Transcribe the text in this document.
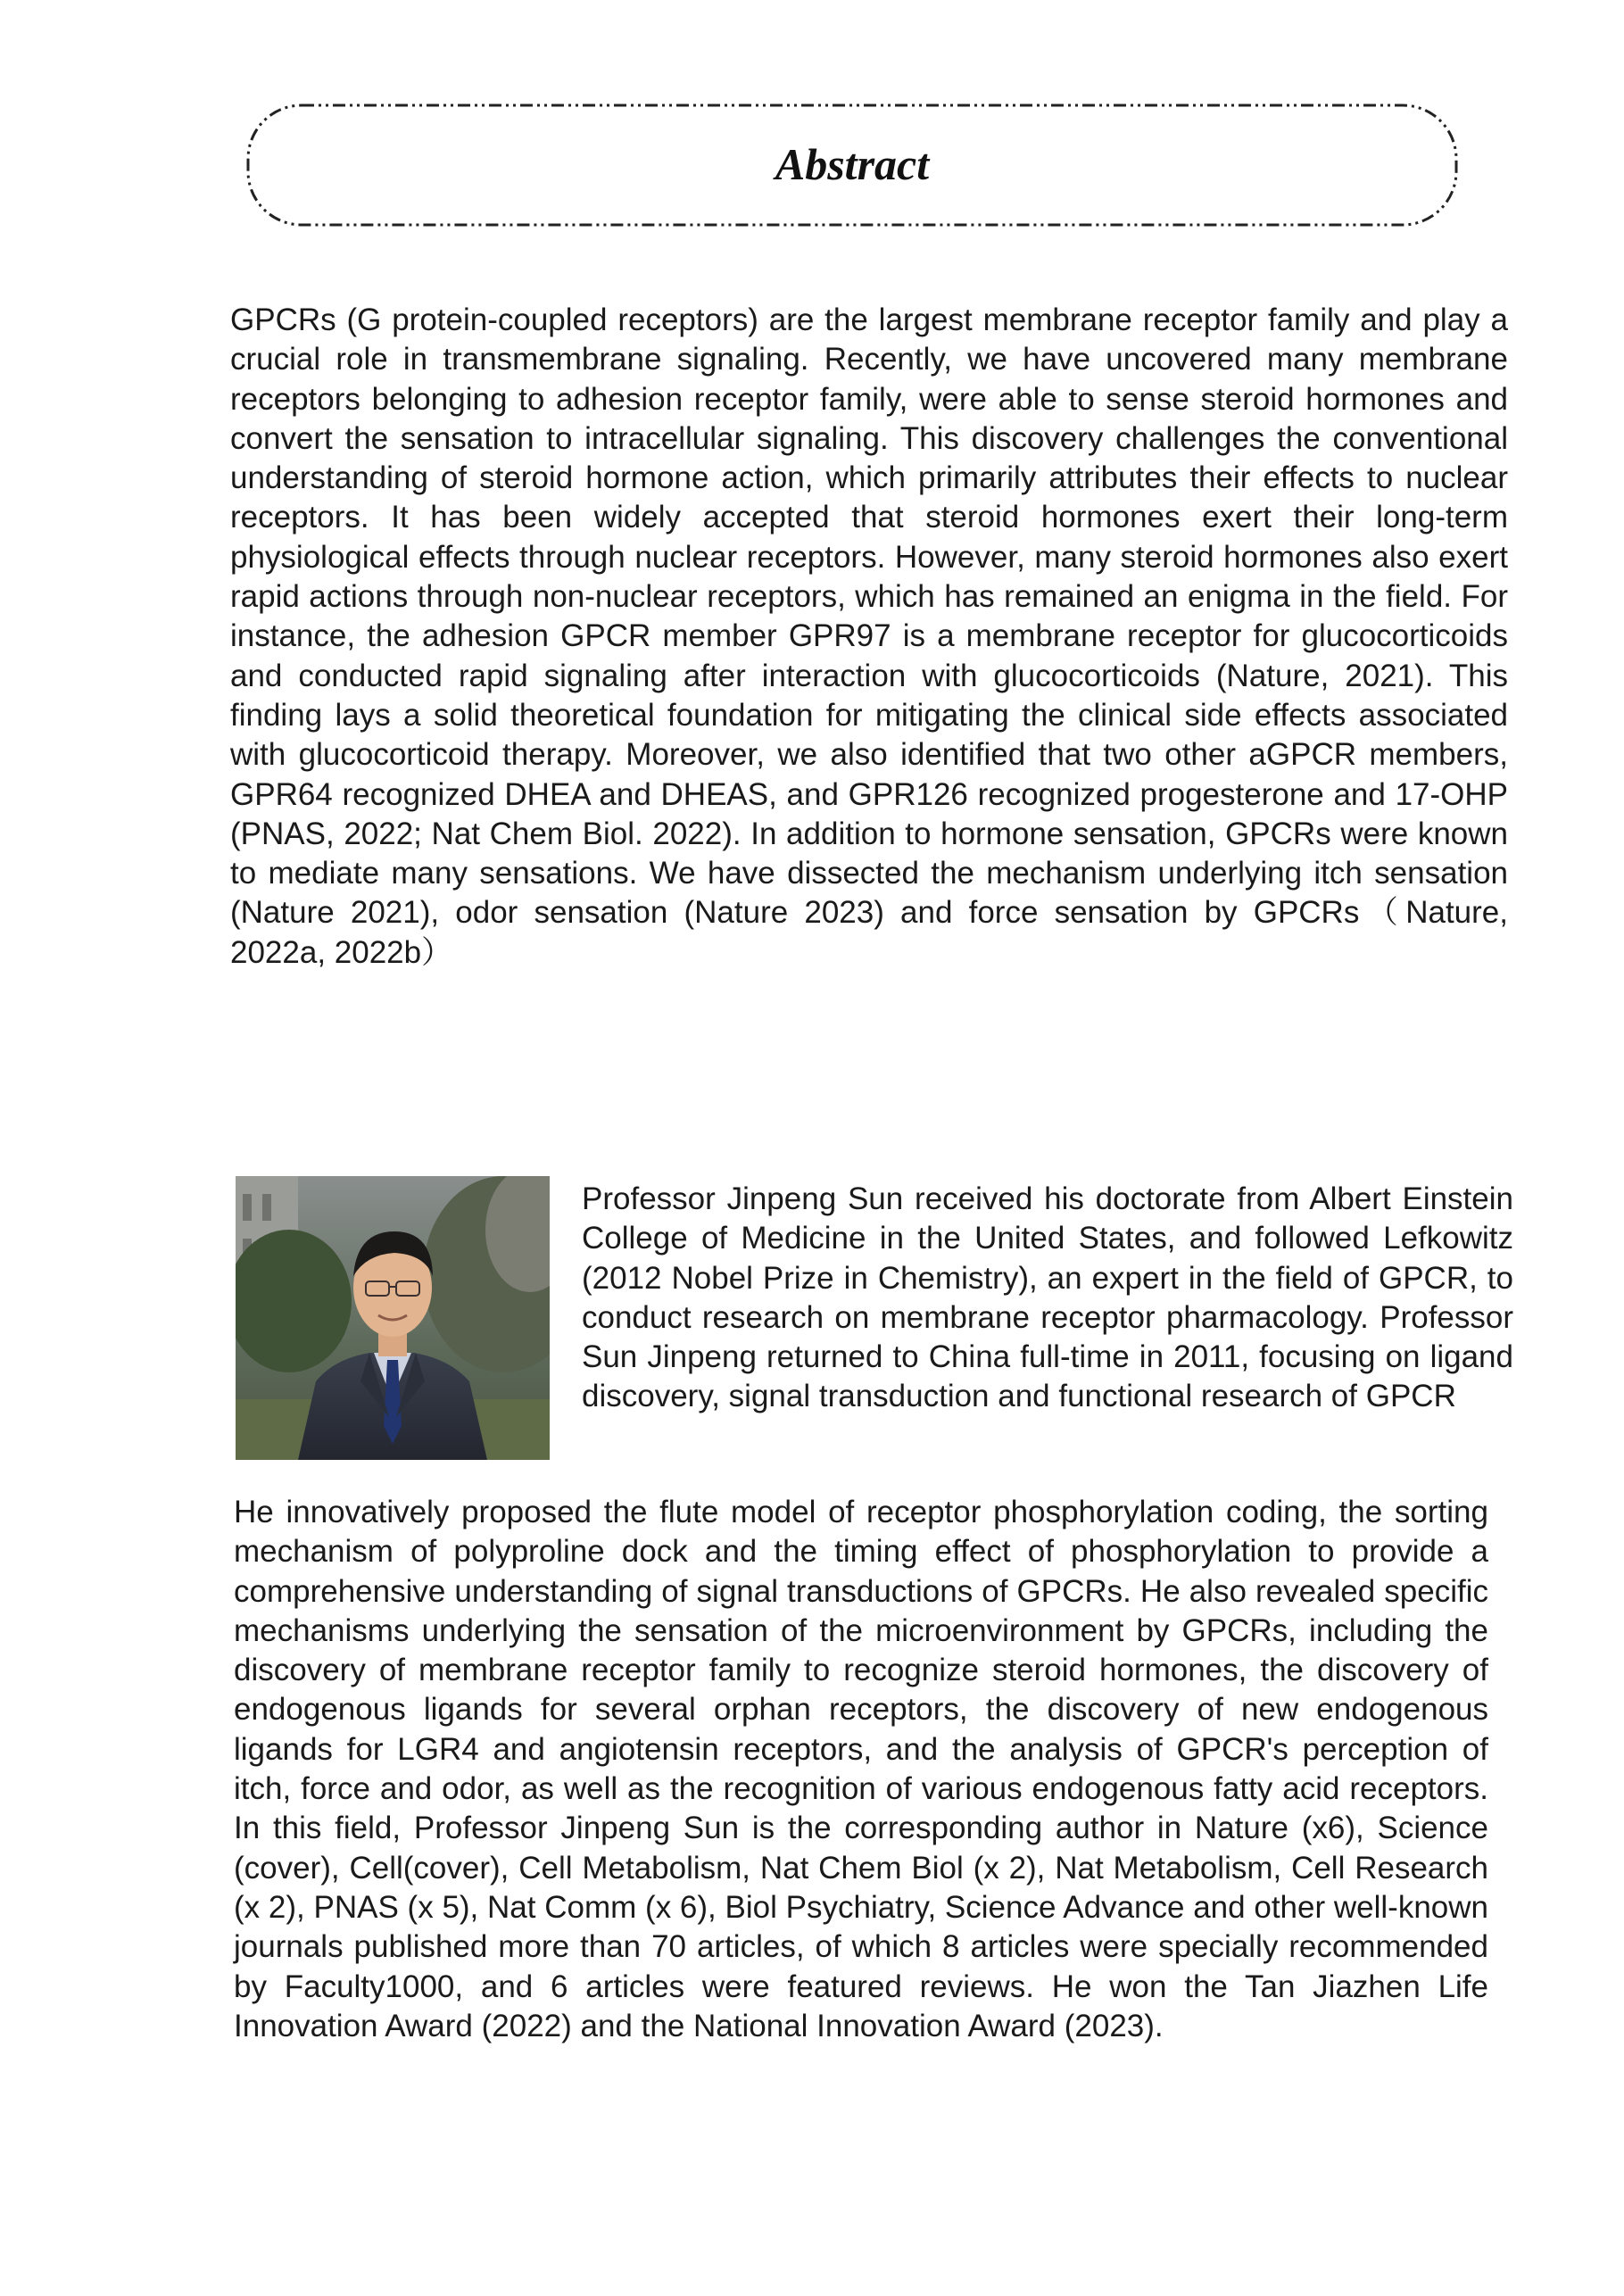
Abstract

GPCRs (G protein-coupled receptors) are the largest membrane receptor family and play a crucial role in transmembrane signaling. Recently, we have uncovered many membrane receptors belonging to adhesion receptor family, were able to sense steroid hormones and convert the sensation to intracellular signaling. This discovery challenges the conventional understanding of steroid hormone action, which primarily attributes their effects to nuclear receptors. It has been widely accepted that steroid hormones exert their long-term physiological effects through nuclear receptors. However, many steroid hormones also exert rapid actions through non-nuclear receptors, which has remained an enigma in the field. For instance, the adhesion GPCR member GPR97 is a membrane receptor for glucocorticoids and conducted rapid signaling after interaction with glucocorticoids (Nature, 2021). This finding lays a solid theoretical foundation for mitigating the clinical side effects associated with glucocorticoid therapy. Moreover, we also identified that two other aGPCR members, GPR64 recognized DHEA and DHEAS, and GPR126 recognized progesterone and 17-OHP (PNAS, 2022; Nat Chem Biol. 2022). In addition to hormone sensation, GPCRs were known to mediate many sensations. We have dissected the mechanism underlying itch sensation (Nature 2021), odor sensation (Nature 2023) and force sensation by GPCRs（Nature, 2022a, 2022b）

Professor Jinpeng Sun received his doctorate from Albert Einstein College of Medicine in the United States, and followed Lefkowitz (2012 Nobel Prize in Chemistry), an expert in the field of GPCR, to conduct research on membrane receptor pharmacology. Professor Sun Jinpeng returned to China full-time in 2011, focusing on ligand discovery, signal transduction and functional research of GPCR

He innovatively proposed the flute model of receptor phosphorylation coding, the sorting mechanism of polyproline dock and the timing effect of phosphorylation to provide a comprehensive understanding of signal transductions of GPCRs. He also revealed specific mechanisms underlying the sensation of the microenvironment by GPCRs, including the discovery of membrane receptor family to recognize steroid hormones, the discovery of endogenous ligands for several orphan receptors, the discovery of new endogenous ligands for LGR4 and angiotensin receptors, and the analysis of GPCR's perception of itch, force and odor, as well as the recognition of various endogenous fatty acid receptors. In this field, Professor Jinpeng Sun is the corresponding author in Nature (x6), Science (cover), Cell(cover), Cell Metabolism, Nat Chem Biol (x 2), Nat Metabolism, Cell Research (x 2), PNAS (x 5), Nat Comm (x 6), Biol Psychiatry, Science Advance and other well-known journals published more than 70 articles, of which 8 articles were specially recommended by Faculty1000, and 6 articles were featured reviews. He won the Tan Jiazhen Life Innovation Award (2022) and the National Innovation Award (2023).
